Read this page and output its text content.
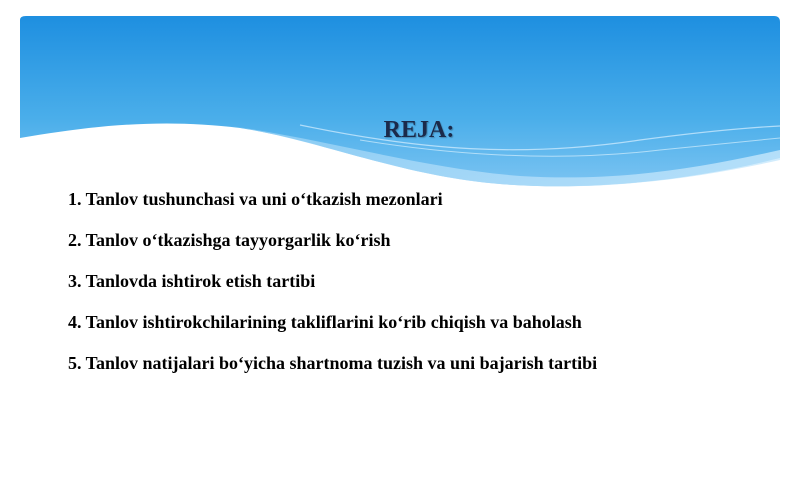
REJA:
1. Tanlov tushunchasi va uni o‘tkazish mezonlari
2. Tanlov o‘tkazishga tayyorgarlik ko‘rish
3. Tanlovda ishtirok etish tartibi
4. Tanlov ishtirokchilarining takliflarini ko‘rib chiqish va baholash
5. Tanlov natijalari bo‘yicha shartnoma tuzish va uni bajarish tartibi
